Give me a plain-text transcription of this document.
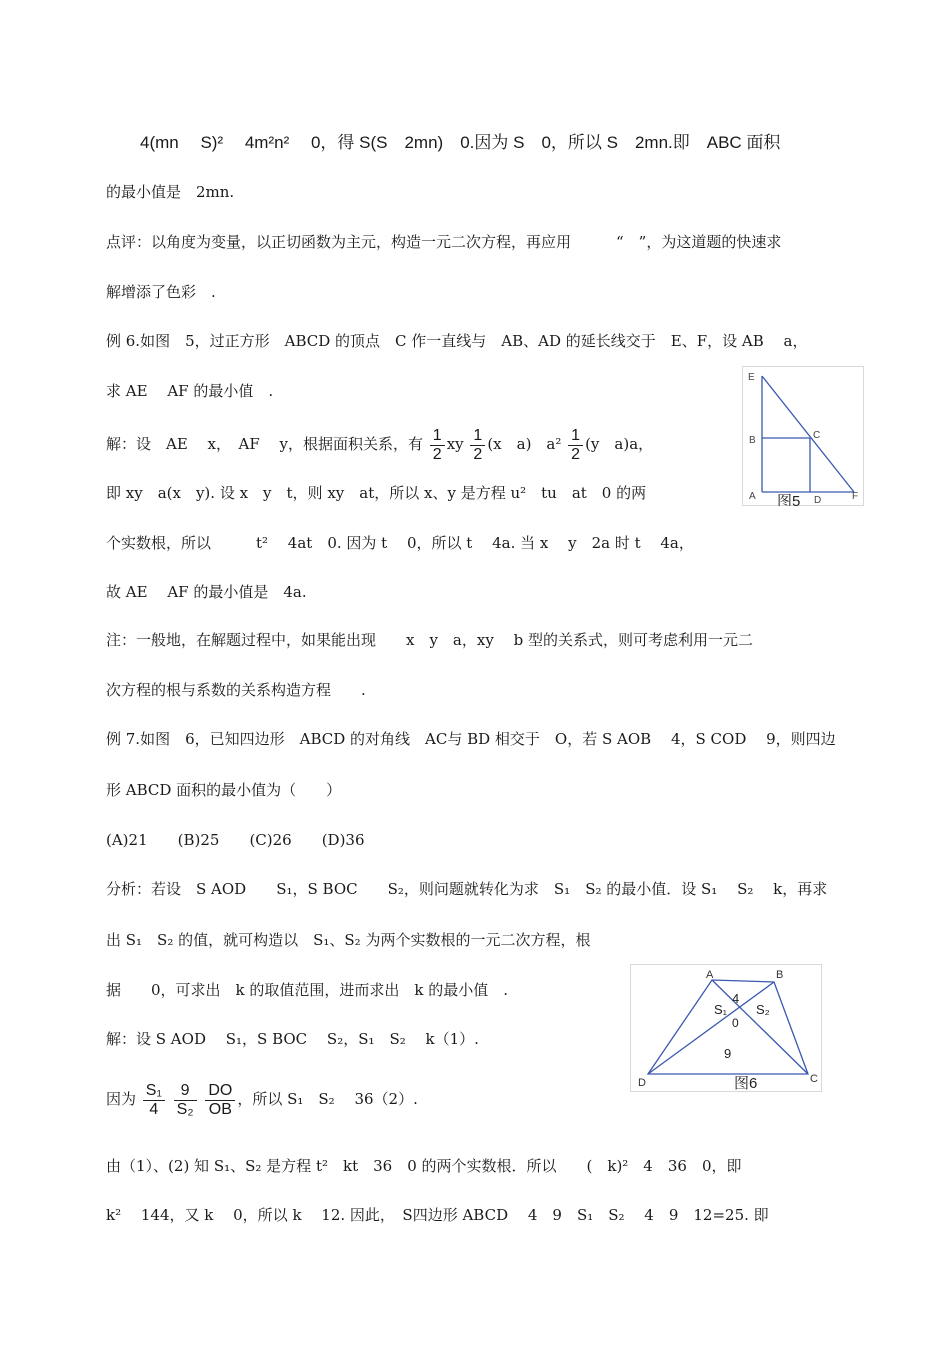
4(mn　 S)² 　4m²n² 　0，得 S(S　2mn)　0.因为 S　0，所以 S　2mn.即　ABC 面积
的最小值是　2mn.
点评：以角度为变量，以正切函数为主元，构造一元二次方程，再应用　　　“　”，为这道题的快速求
解增添了色彩　.
例 6.如图　5，过正方形　ABCD 的顶点　C 作一直线与　AB、AD 的延长线交于　E、F，设 AB　 a，
求 AE　 AF 的最小值　.
解：设　AE　 x，　AF　 y，根据面积关系，有 $\frac{1}{2}$ xy $\frac{1}{2} (x$　a)　$a^2 \frac{1}{2} (y$　a)a，
即 xy　a(x　y). 设 x　y　t，则 xy　at，所以 x、y 是方程 u²　tu　at　0 的两
个实数根，所以　　　t²　 4at　0. 因为 t　 0，所以 t　 4a. 当 x　 y　2a 时 t　 4a，
故 AE　 AF 的最小值是　4a.
注：一般地，在解题过程中，如果能出现　　x　y　a，xy　 b 型的关系式，则可考虑利用一元二
次方程的根与系数的关系构造方程　　.
例 7.如图　6，已知四边形　ABCD 的对角线　AC与 BD 相交于　O，若 S AOB　 4，S COD　 9，则四边
形 ABCD 面积的最小值为（　　）
(A)21　　(B)25　　(C)26　　(D)36
分析：若设　S AOD　　S₁，S BOC　　S₂，则问题就转化为求　S₁　S₂ 的最小值．设 S₁　 S₂　 k，再求
出 S₁　S₂ 的值，就可构造以　S₁、S₂ 为两个实数根的一元二次方程，根
据　　0，可求出　k 的取值范围，进而求出　k 的最小值　.
解：设 S AOD　 S₁，S BOC　 S₂，S₁　S₂　 k（1）.
因为 $\frac{\text{S₁}}{4}$
$\frac{9}{\text{S₂}}$
$\frac{DO}{OB}$ ，所以 S₁　S₂　 36（2）.
由（1）、(2) 知 S₁、S₂ 是方程 t²　kt　36　0 的两个实数根．所以　　(　k)²　4　36　0，即
k²　 144，又 k　 0，所以 k　 12. 因此，　S四边形 ABCD　 4　9　S₁　S₂　 4　9　12=25. 即
E
B	C
A	D	F
图5
A	B
C
D
4
S₁ S₂
0
9
图6
